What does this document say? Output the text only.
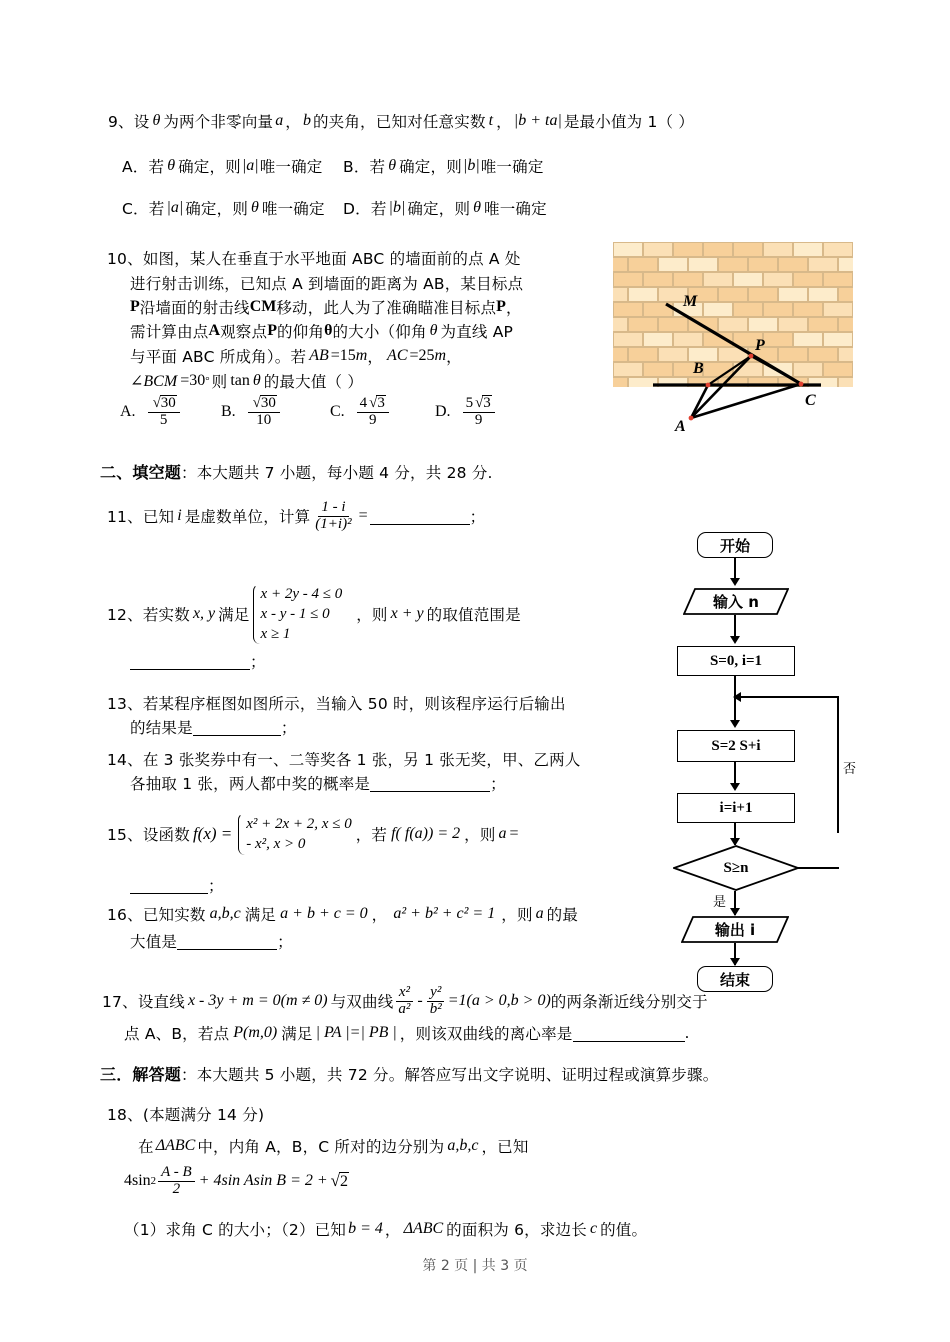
9、设 θ 为两个非零向量 a ， b 的夹角，已知对任意实数 t ， |b + ta| 是最小值为 1（ ）
A． 若 θ 确定，则 |a| 唯一确定 B． 若 θ 确定，则 |b| 唯一确定
C． 若 |a| 确定，则 θ 唯一确定 D． 若 |b| 确定，则 θ 唯一确定
10、如图，某人在垂直于水平地面 ABC 的墙面前的点 A 处
进行射击训练，已知点 A 到墙面的距离为 AB，某目标点
P 沿墙面的射击线 CM 移动，此人为了准确瞄准目标点 P ，
需计算由点 A 观察点 P 的仰角 θ 的大小（仰角 θ 为直线 AP
与平面 ABC 所成角）。若 AB =15 m ， AC =25 m ，
∠BCM =30 ° 则 tan θ 的最大值（ ）
A. $\frac{√30}{5}$	B. $\frac{√30}{10}$	C. $\frac{4 √3}{9}$	D. $\frac{5 √3}{9}$
M
P
B
C
A
二、填空题 ：本大题共 7 小题，每小题 4 分，共 28 分.
11、已知 i 是虚数单位，计算 $\frac{1 - i}{\text{(1+i)²}}$ =	；
12、若实数 x, y 满足
x + 2y - 4 ≤ 0
x - y - 1 ≤ 0
x ≥ 1
， 则 x + y 的取值范围是
；
13、若某程序框图如图所示，当输入 50 时，则该程序运行后输出
的结果是	；
14、在 3 张奖券中有一、二等奖各 1 张，另 1 张无奖，甲、乙两人
各抽取 1 张，两人都中奖的概率是	；
15、设函数 f(x) =
x² + 2x + 2, x ≤ 0
- x², x > 0	， 若 f( f(a)) = 2 ， 则 a =
；
16、已知实数 a,b,c 满足 a + b + c = 0 ， a² + b² + c² = 1 ， 则 a 的最
大值是	；
17、设直线 x - 3y + m = 0(m ≠ 0) 与双曲线 $\frac{\text{x²}}{\text{a²}} - \frac{\text{y²}}{\text{b²}} =1(a > 0,b > 0)$ 的两条渐近线分别交于
点 A、B，若点 P(m,0) 满足 | PA |=| PB | ，则该双曲线的离心率是	.
三．解答题 ：本大题共 5 小题，共 72 分。解答应写出文字说明、证明过程或演算步骤。
18、(本题满分 14 分)
在 ΔABC 中，内角 A，B，C 所对的边分别为 a,b,c ，已知
4sin $2 \frac{A - B}{2} + 4\sin$ Asin B = 2 + √2
（1）求角 C 的大小；（2）已知 b = 4 ， ΔABC 的面积为 6，求边长 c 的值。
开始
输入 n
S=0, i=1
S=2 S+i
i=i+1
S≥n
否
是
输出 i
结束
第 2 页 | 共 3 页
